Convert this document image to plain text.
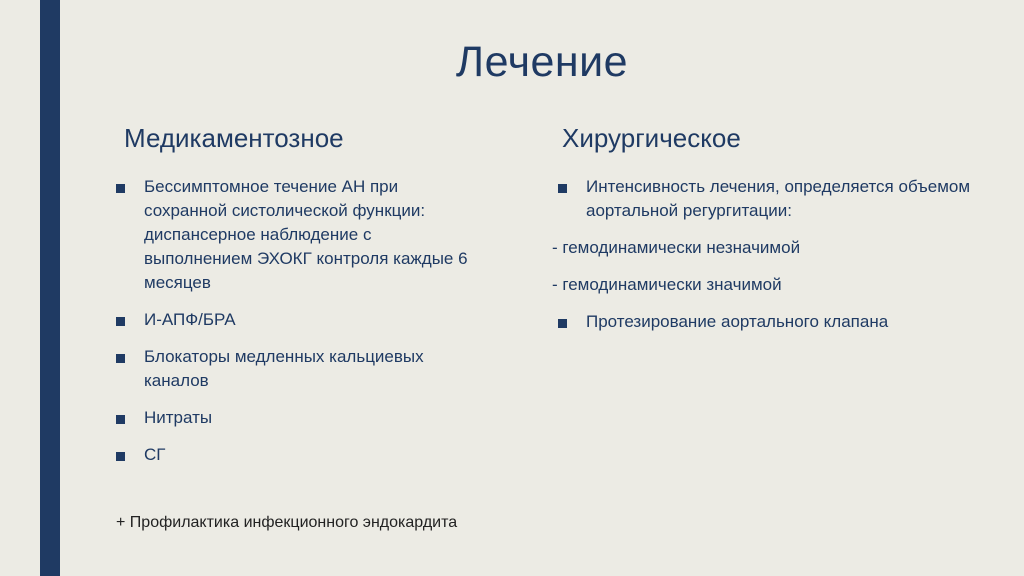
Лечение
Медикаментозное	Хирургическое
Бессимптомное течение АН при сохранной систолической функции: диспансерное наблюдение с выполнением ЭХОКГ контроля каждые 6 месяцев
И-АПФ/БРА
Блокаторы медленных кальциевых каналов
Нитраты
СГ
Интенсивность лечения, определяется объемом аортальной регургитации:
- гемодинамически незначимой
- гемодинамически значимой
Протезирование аортального клапана
+ Профилактика инфекционного эндокардита
